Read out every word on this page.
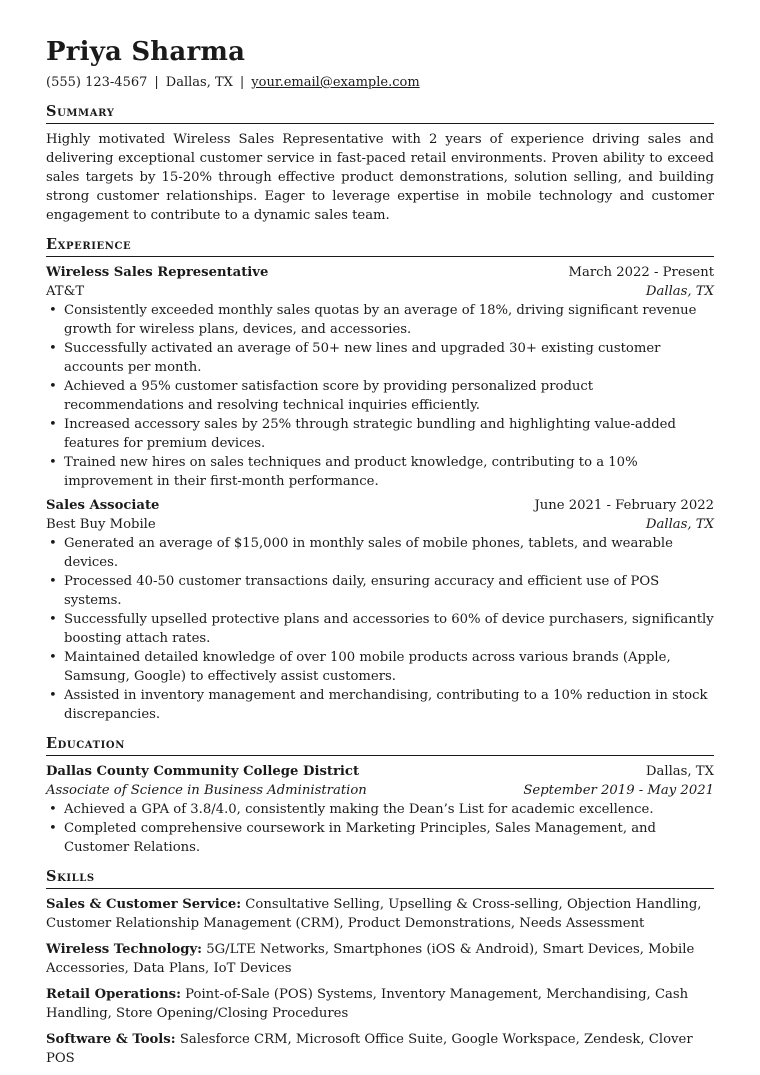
Priya Sharma
(555) 123-4567 | Dallas, TX | your.email@example.com
Summary

Highly motivated Wireless Sales Representative with 2 years of experience driving sales and delivering exceptional customer service in fast-paced retail environments. Proven ability to exceed sales targets by 15-20% through effective product demonstrations, solution selling, and building strong customer relationships. Eager to leverage expertise in mobile technology and customer engagement to contribute to a dynamic sales team.

Experience
Wireless Sales Representative	March 2022 - Present
AT&T	Dallas, TX
• Consistently exceeded monthly sales quotas by an average of 18%, driving significant revenue growth for wireless plans, devices, and accessories.
• Successfully activated an average of 50+ new lines and upgraded 30+ existing customer accounts per month.
• Achieved a 95% customer satisfaction score by providing personalized product recommendations and resolving technical inquiries efficiently.
• Increased accessory sales by 25% through strategic bundling and highlighting value-added features for premium devices.
• Trained new hires on sales techniques and product knowledge, contributing to a 10% improvement in their first-month performance.
Sales Associate	June 2021 - February 2022
Best Buy Mobile	Dallas, TX
• Generated an average of $15,000 in monthly sales of mobile phones, tablets, and wearable devices.
• Processed 40-50 customer transactions daily, ensuring accuracy and efficient use of POS systems.
• Successfully upselled protective plans and accessories to 60% of device purchasers, significantly boosting attach rates.
• Maintained detailed knowledge of over 100 mobile products across various brands (Apple, Samsung, Google) to effectively assist customers.
• Assisted in inventory management and merchandising, contributing to a 10% reduction in stock discrepancies.
Education
Dallas County Community College District	Dallas, TX
Associate of Science in Business Administration	September 2019 - May 2021
• Achieved a GPA of 3.8/4.0, consistently making the Dean’s List for academic excellence.
• Completed comprehensive coursework in Marketing Principles, Sales Management, and Customer Relations.
Skills
Sales & Customer Service: Consultative Selling, Upselling & Cross-selling, Objection Handling, Customer Relationship Management (CRM), Product Demonstrations, Needs Assessment
Wireless Technology: 5G/LTE Networks, Smartphones (iOS & Android), Smart Devices, Mobile Accessories, Data Plans, IoT Devices
Retail Operations: Point-of-Sale (POS) Systems, Inventory Management, Merchandising, Cash Handling, Store Opening/Closing Procedures
Software & Tools: Salesforce CRM, Microsoft Office Suite, Google Workspace, Zendesk, Clover POS
